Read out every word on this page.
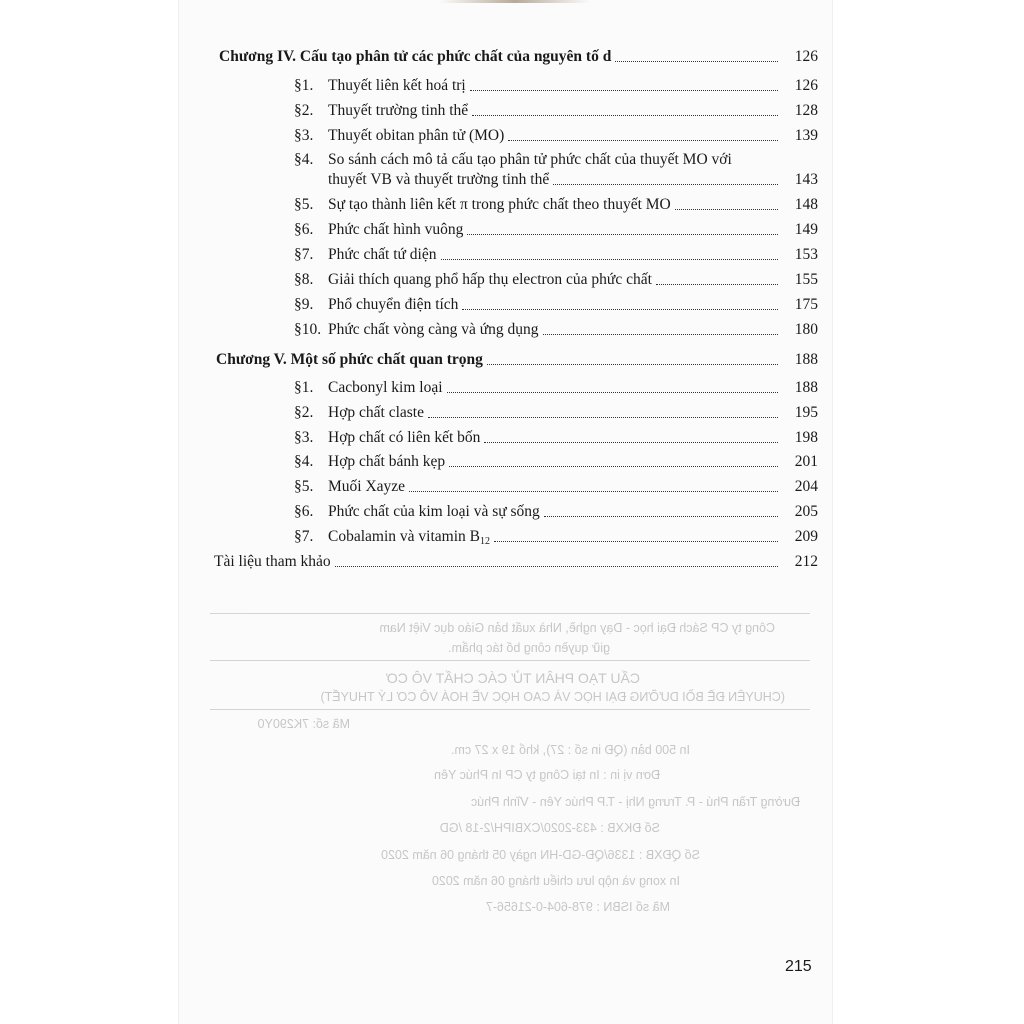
Chương IV. Cấu tạo phân tử các phức chất của nguyên tố d	126
§1. Thuyết liên kết hoá trị	126
§2. Thuyết trường tinh thể	128
§3. Thuyết obitan phân tử (MO)	139
§4. So sánh cách mô tả cấu tạo phân tử phức chất của thuyết MO với
thuyết VB và thuyết trường tinh thể	143
§5. Sự tạo thành liên kết π trong phức chất theo thuyết MO	148
§6. Phức chất hình vuông	149
§7. Phức chất tứ diện	153
§8. Giải thích quang phổ hấp thụ electron của phức chất	155
§9. Phổ chuyển điện tích	175
§10. Phức chất vòng càng và ứng dụng	180
Chương V. Một số phức chất quan trọng	188
§1. Cacbonyl kim loại	188
§2. Hợp chất claste	195
§3. Hợp chất có liên kết bốn	198
§4. Hợp chất bánh kẹp	201
§5. Muối Xayze	204
§6. Phức chất của kim loại và sự sống	205
§7. Cobalamin và vitamin $B_{12}$	209
Tài liệu tham khảo	212
Công ty CP Sách Đại học - Dạy nghề, Nhà xuất bản Giáo dục Việt Nam
giữ quyền công bố tác phẩm.
CẤU TẠO PHÂN TỬ CÁC CHẤT VÔ CƠ
(CHUYÊN ĐỀ BỒI DƯỠNG ĐẠI HỌC VÀ CAO HỌC VỀ HOÁ VÔ CƠ LÝ THUYẾT)
Mã số: 7K290Y0
In 500 bản (QĐ in số : 27), khổ 19 x 27 cm.
Đơn vị in : In tại Công ty CP In Phúc Yên
Đường Trần Phú - P. Trưng Nhị - T.P Phúc Yên - Vĩnh Phúc
Số ĐKXB : 433-2020/CXBIPH/2-18 /GD
Số QĐXB : 1336/QĐ-GD-HN ngày 05 tháng 06 năm 2020
In xong và nộp lưu chiểu tháng 06 năm 2020
Mã số ISBN : 978-604-0-21656-7
215
